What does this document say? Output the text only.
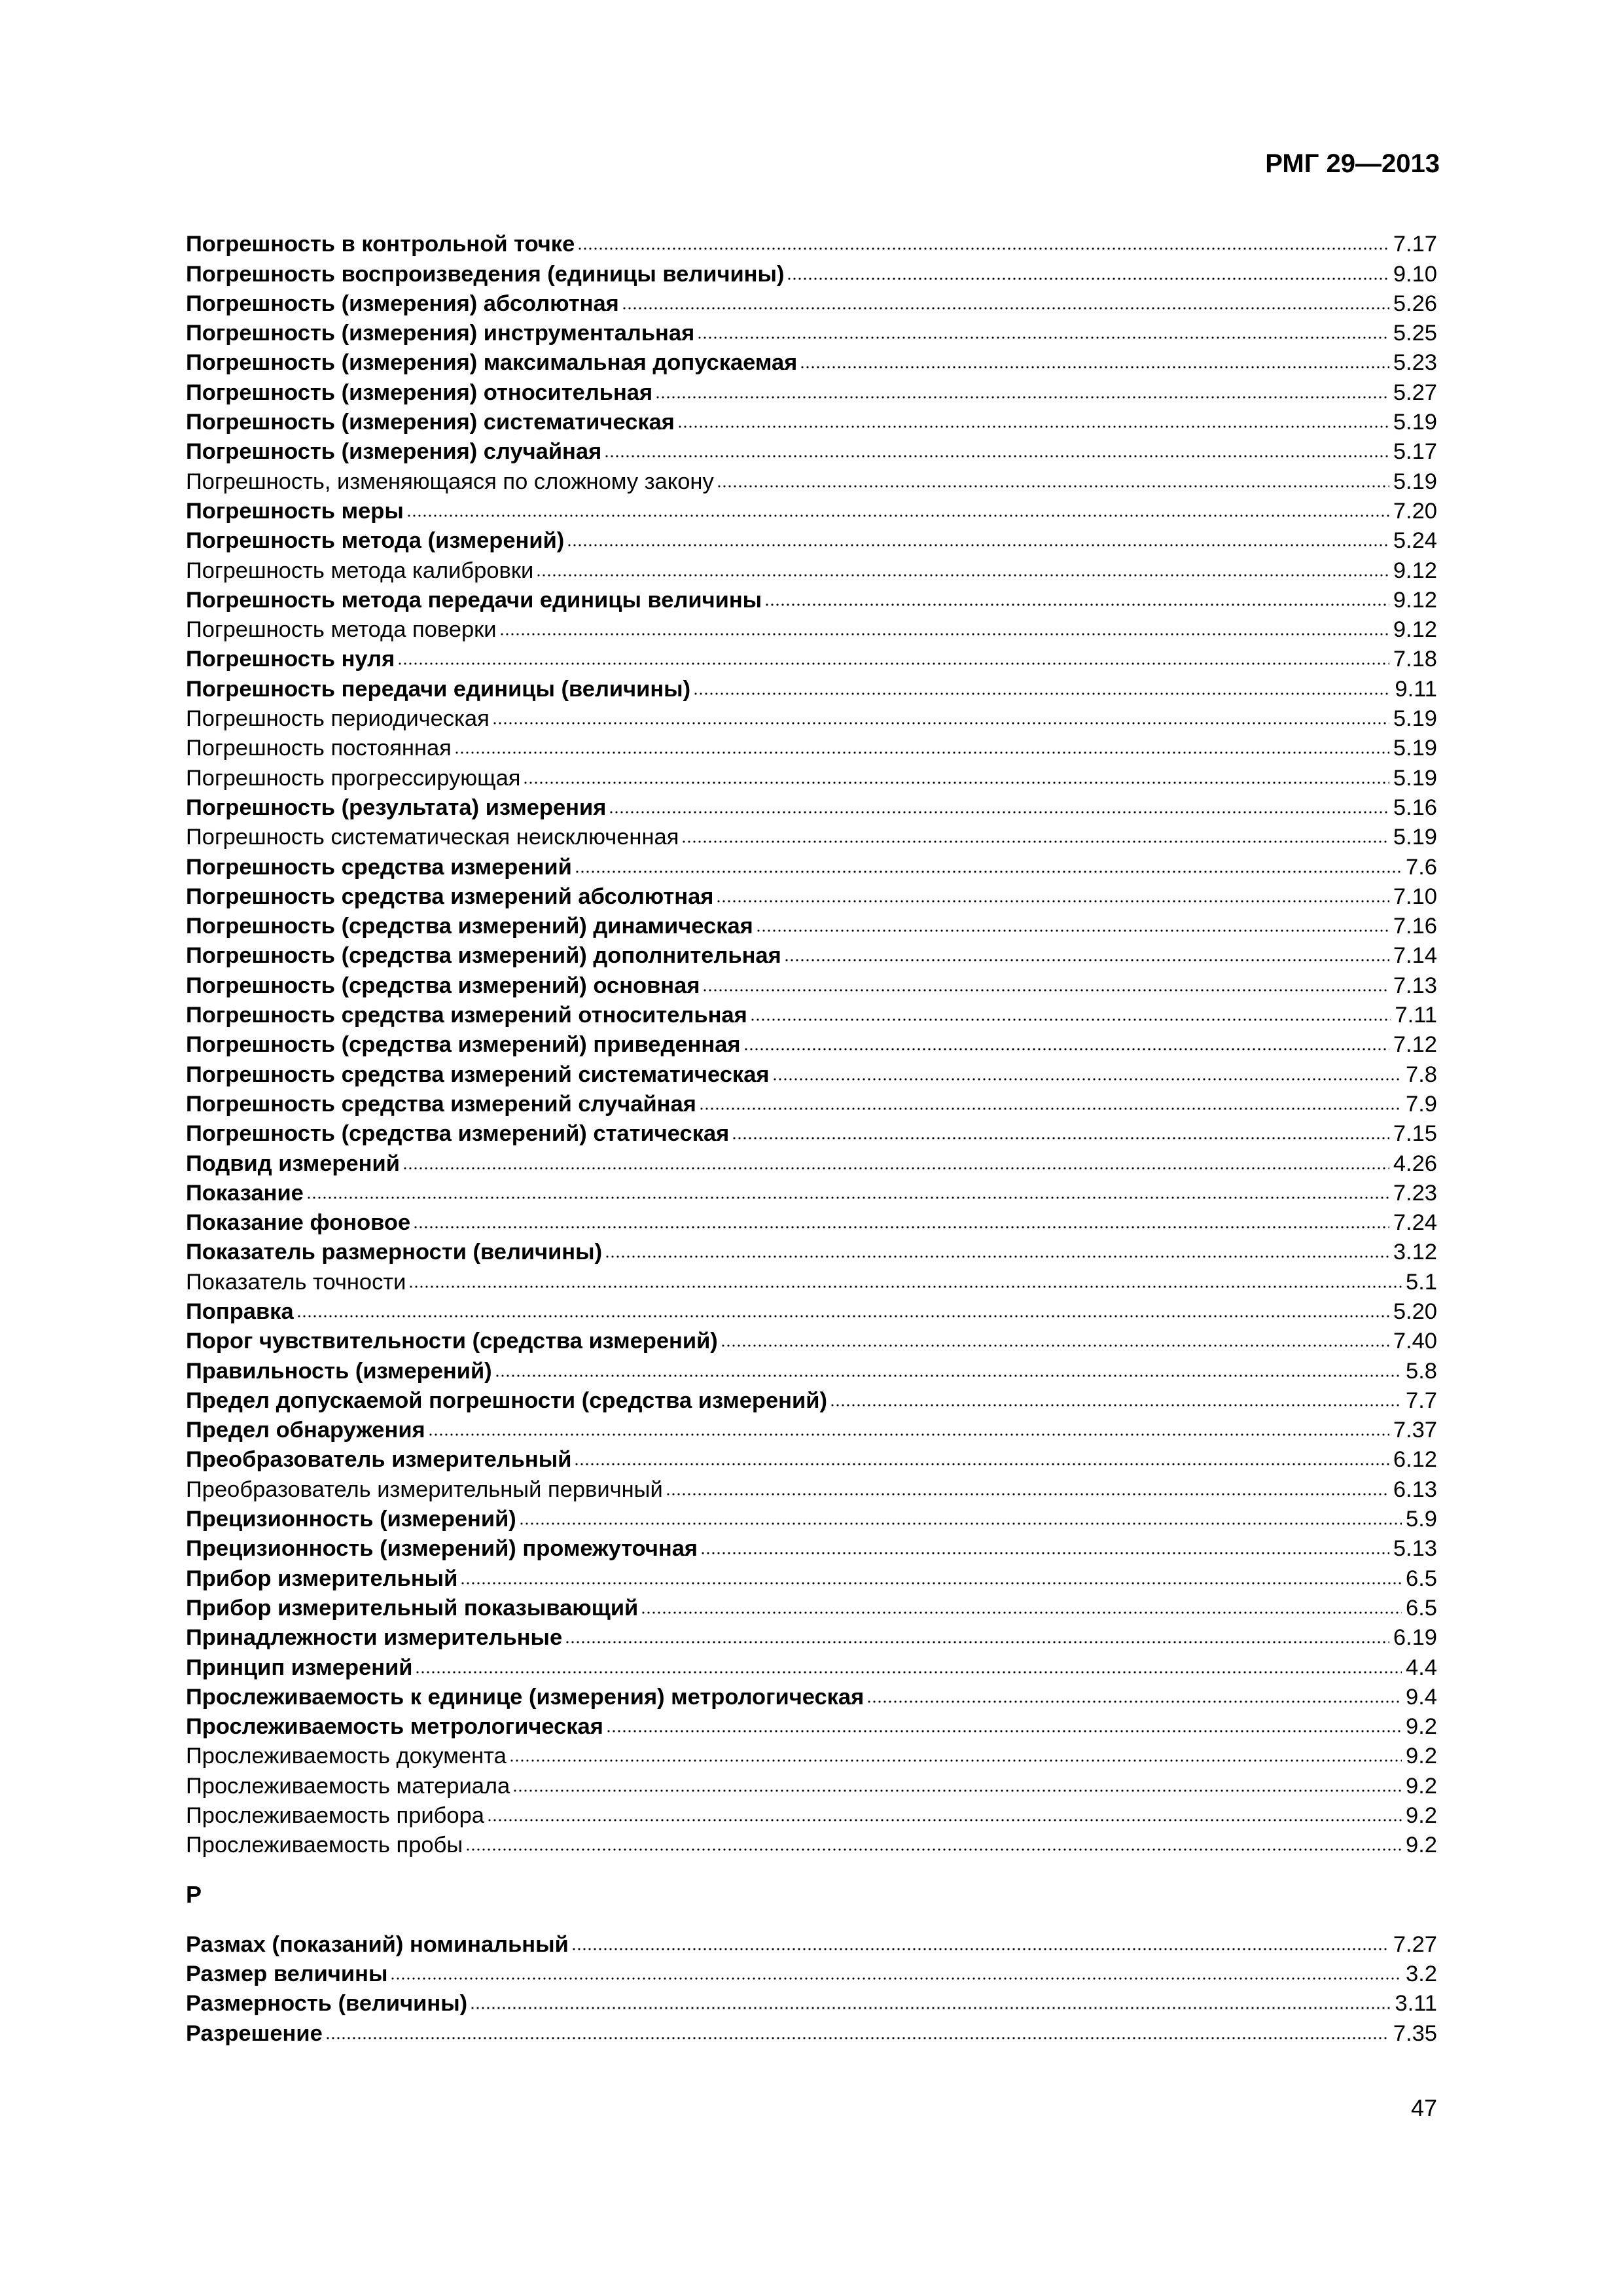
РМГ 29—2013
Погрешность в контрольной точке	7.17
Погрешность воспроизведения (единицы величины)	9.10
Погрешность (измерения) абсолютная	5.26
Погрешность (измерения) инструментальная	5.25
Погрешность (измерения) максимальная допускаемая	5.23
Погрешность (измерения) относительная	5.27
Погрешность (измерения) систематическая	5.19
Погрешность (измерения) случайная	5.17
Погрешность, изменяющаяся по сложному закону	5.19
Погрешность меры	7.20
Погрешность метода (измерений)	5.24
Погрешность метода калибровки	9.12
Погрешность метода передачи единицы величины	9.12
Погрешность метода поверки	9.12
Погрешность нуля	7.18
Погрешность передачи единицы (величины)	9.11
Погрешность периодическая	5.19
Погрешность постоянная	5.19
Погрешность прогрессирующая	5.19
Погрешность (результата) измерения	5.16
Погрешность систематическая неисключенная	5.19
Погрешность средства измерений	7.6
Погрешность средства измерений абсолютная	7.10
Погрешность (средства измерений) динамическая	7.16
Погрешность (средства измерений) дополнительная	7.14
Погрешность (средства измерений) основная	7.13
Погрешность средства измерений относительная	7.11
Погрешность (средства измерений) приведенная	7.12
Погрешность средства измерений систематическая	7.8
Погрешность средства измерений случайная	7.9
Погрешность (средства измерений) статическая	7.15
Подвид измерений	4.26
Показание	7.23
Показание фоновое	7.24
Показатель размерности (величины)	3.12
Показатель точности	5.1
Поправка	5.20
Порог чувствительности (средства измерений)	7.40
Правильность (измерений)	5.8
Предел допускаемой погрешности (средства измерений)	7.7
Предел обнаружения	7.37
Преобразователь измерительный	6.12
Преобразователь измерительный первичный	6.13
Прецизионность (измерений)	5.9
Прецизионность (измерений) промежуточная	5.13
Прибор измерительный	6.5
Прибор измерительный показывающий	6.5
Принадлежности измерительные	6.19
Принцип измерений	4.4
Прослеживаемость к единице (измерения) метрологическая	9.4
Прослеживаемость метрологическая	9.2
Прослеживаемость документа	9.2
Прослеживаемость материала	9.2
Прослеживаемость прибора	9.2
Прослеживаемость пробы	9.2
Р
Размах (показаний) номинальный	7.27
Размер величины	3.2
Размерность (величины)	3.11
Разрешение	7.35
47
